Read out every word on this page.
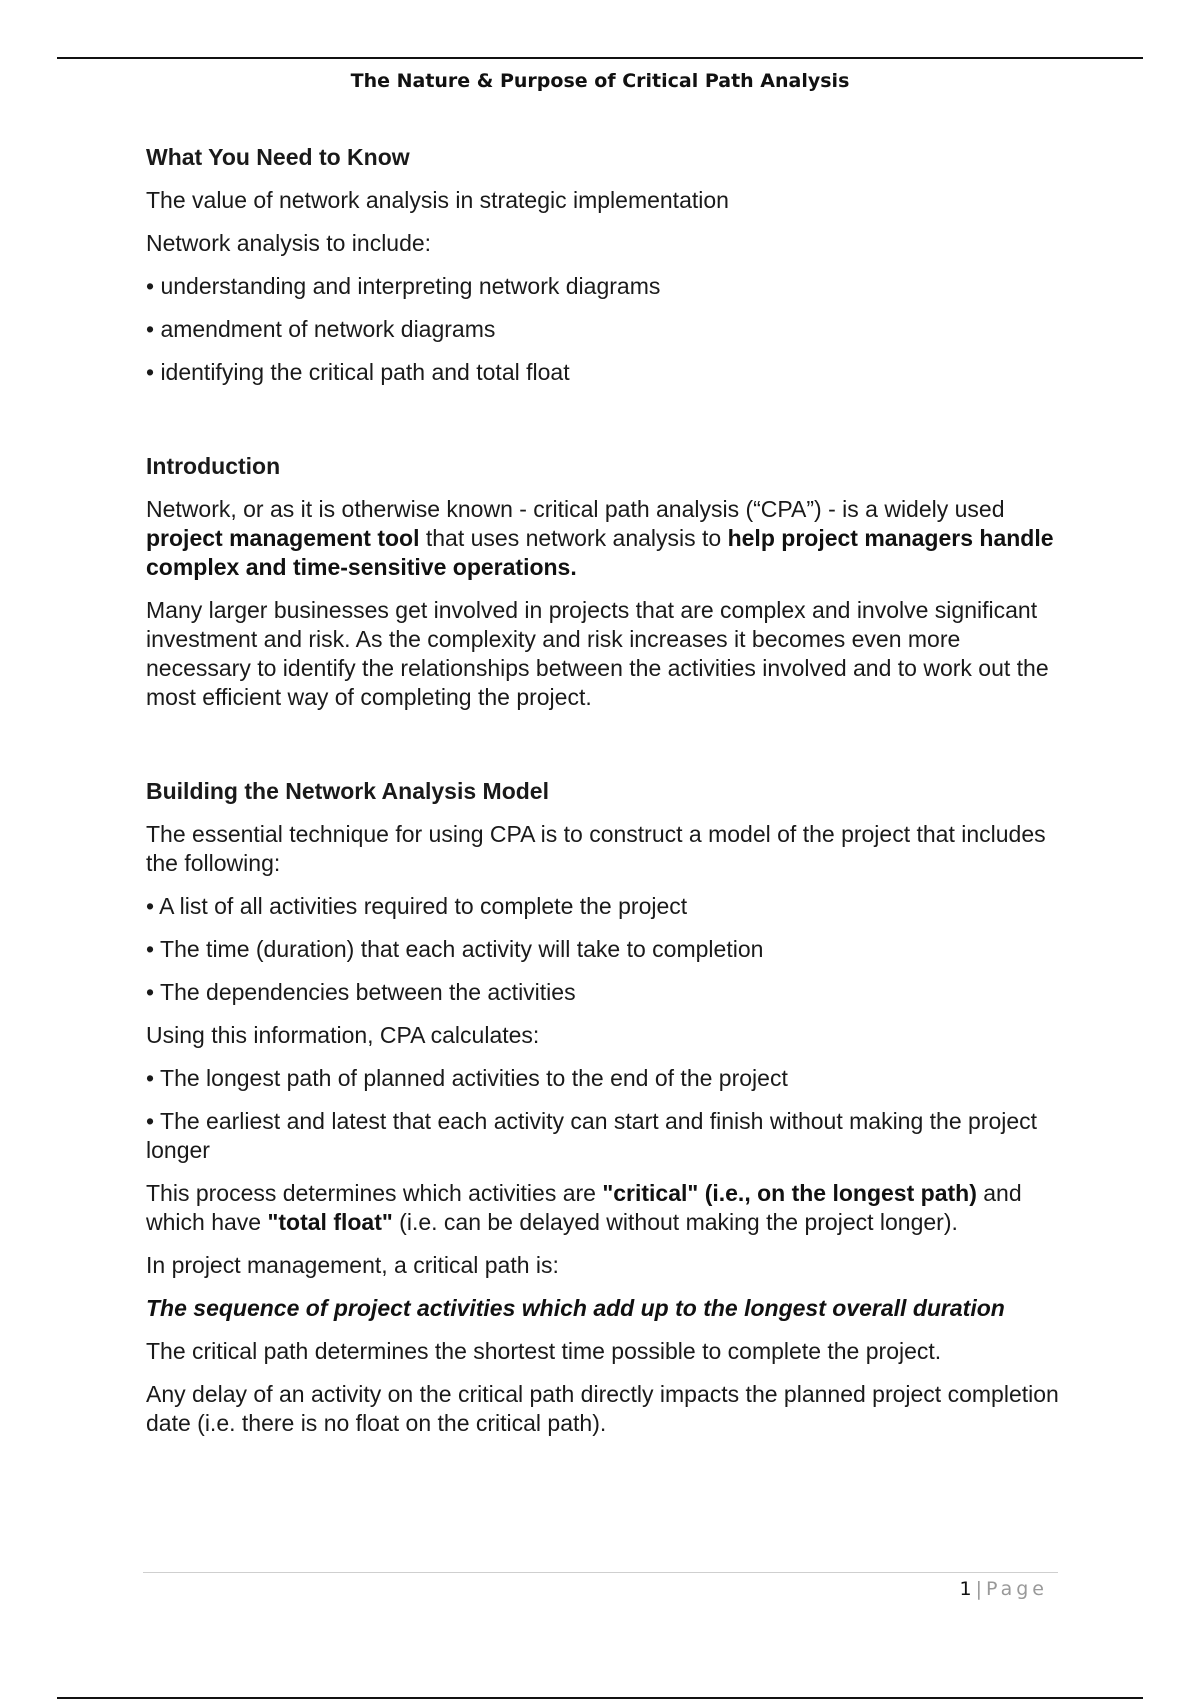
The Nature & Purpose of Critical Path Analysis
What You Need to Know
The value of network analysis in strategic implementation
Network analysis to include:
• understanding and interpreting network diagrams
• amendment of network diagrams
• identifying the critical path and total float
Introduction
Network, or as it is otherwise known - critical path analysis (“CPA”) - is a widely used project management tool that uses network analysis to help project managers handle complex and time-sensitive operations.
Many larger businesses get involved in projects that are complex and involve significant investment and risk. As the complexity and risk increases it becomes even more necessary to identify the relationships between the activities involved and to work out the most efficient way of completing the project.
Building the Network Analysis Model
The essential technique for using CPA is to construct a model of the project that includes the following:
• A list of all activities required to complete the project
• The time (duration) that each activity will take to completion
• The dependencies between the activities
Using this information, CPA calculates:
• The longest path of planned activities to the end of the project
• The earliest and latest that each activity can start and finish without making the project longer
This process determines which activities are "critical" (i.e., on the longest path) and which have "total float" (i.e. can be delayed without making the project longer).
In project management, a critical path is:
The sequence of project activities which add up to the longest overall duration
The critical path determines the shortest time possible to complete the project.
Any delay of an activity on the critical path directly impacts the planned project completion date (i.e. there is no float on the critical path).
1 | Page
